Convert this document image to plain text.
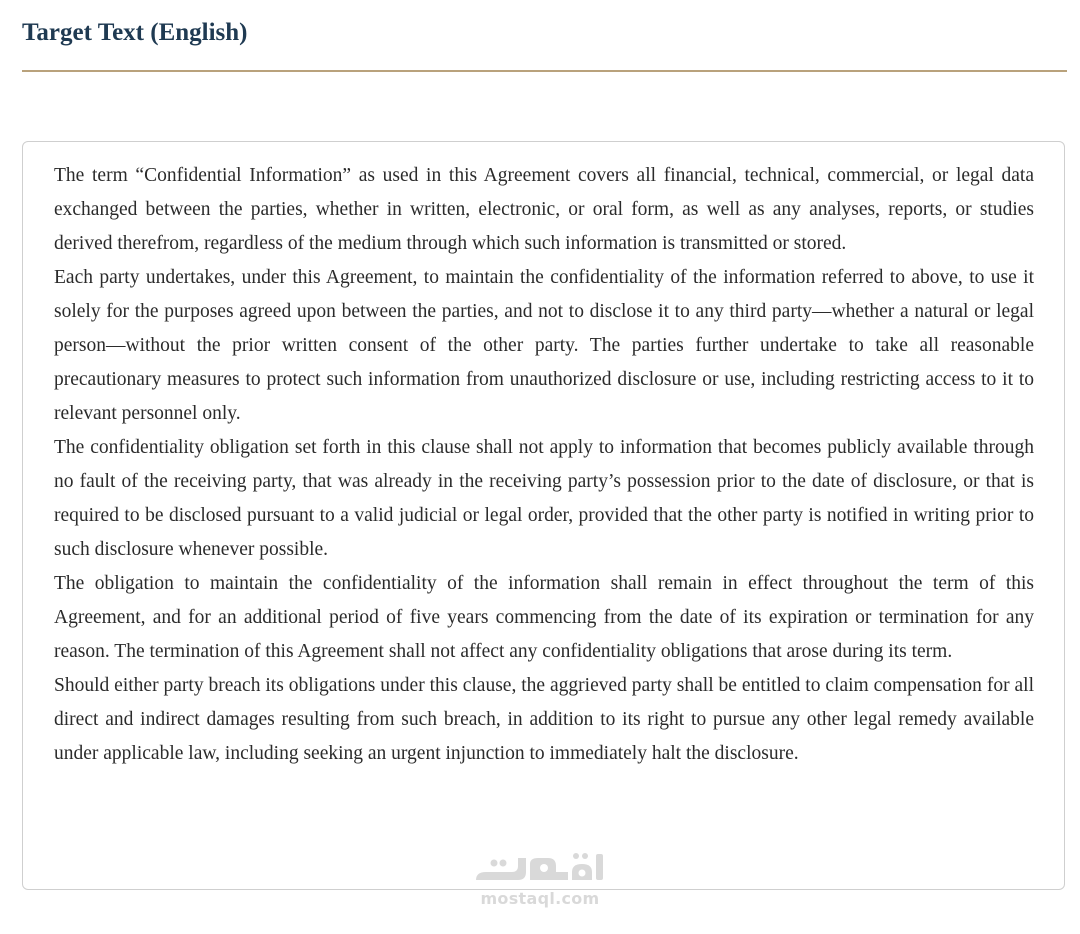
Target Text (English)

The term “Confidential Information” as used in this Agreement covers all financial, technical, commercial, or legal data exchanged between the parties, whether in written, electronic, or oral form, as well as any analyses, reports, or studies derived therefrom, regardless of the medium through which such information is transmitted or stored.

Each party undertakes, under this Agreement, to maintain the confidentiality of the information referred to above, to use it solely for the purposes agreed upon between the parties, and not to disclose it to any third party—whether a natural or legal person—without the prior written consent of the other party. The parties further undertake to take all reasonable precautionary measures to protect such information from unauthorized disclosure or use, including restricting access to it to relevant personnel only.

The confidentiality obligation set forth in this clause shall not apply to information that becomes publicly available through no fault of the receiving party, that was already in the receiving party’s possession prior to the date of disclosure, or that is required to be disclosed pursuant to a valid judicial or legal order, provided that the other party is notified in writing prior to such disclosure whenever possible.

The obligation to maintain the confidentiality of the information shall remain in effect throughout the term of this Agreement, and for an additional period of five years commencing from the date of its expiration or termination for any reason. The termination of this Agreement shall not affect any confidentiality obligations that arose during its term.

Should either party breach its obligations under this clause, the aggrieved party shall be entitled to claim compensation for all direct and indirect damages resulting from such breach, in addition to its right to pursue any other legal remedy available under applicable law, including seeking an urgent injunction to immediately halt the disclosure.

mostaql.com
